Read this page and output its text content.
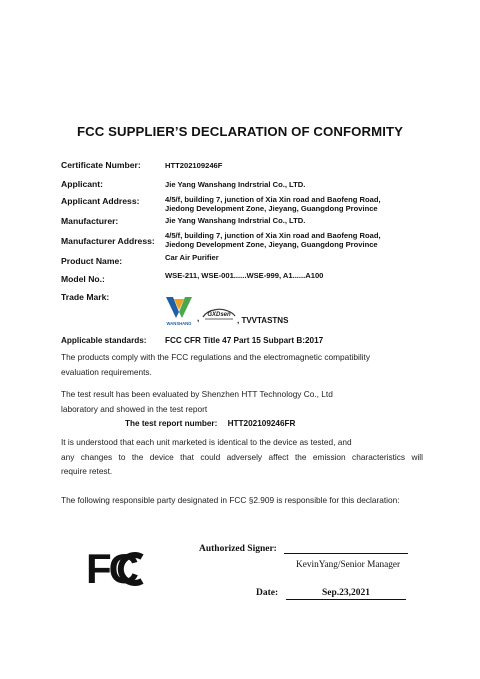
FCC SUPPLIER’S DECLARATION OF CONFORMITY
Certificate Number:	HTT202109246F
Applicant:	Jie Yang Wanshang Indrstrial Co., LTD.
Applicant Address:	4/5/f, building 7, junction of Xia Xin road and Baofeng Road,
Jiedong Development Zone, Jieyang, Guangdong Province
Manufacturer:	Jie Yang Wanshang Indrstrial Co., LTD.
Manufacturer Address:
4/5/f, building 7, junction of Xia Xin road and Baofeng Road,
Jiedong Development Zone, Jieyang, Guangdong Province
Product Name:	Car Air Purifier
Model No.:	WSE-211, WSE-001......WSE-999, A1......A100
Trade Mark:
WANSHANG
, GXDsen
, TVVTASTNS
Applicable standards: FCC CFR Title 47 Part 15 Subpart B:2017
The products comply with the FCC regulations and the electromagnetic compatibility
evaluation requirements.
The test result has been evaluated by Shenzhen HTT Technology Co., Ltd
laboratory and showed in the test report
The test report number: HTT202109246FR
It is understood that each unit marketed is identical to the device as tested, and
any changes to the device that could adversely affect the emission characteristics will
require retest.
The following responsible party designated in FCC §2.909 is responsible for this declaration:
FC	Authorized Signer:
KevinYang/Senior Manager
Date:	Sep.23,2021
